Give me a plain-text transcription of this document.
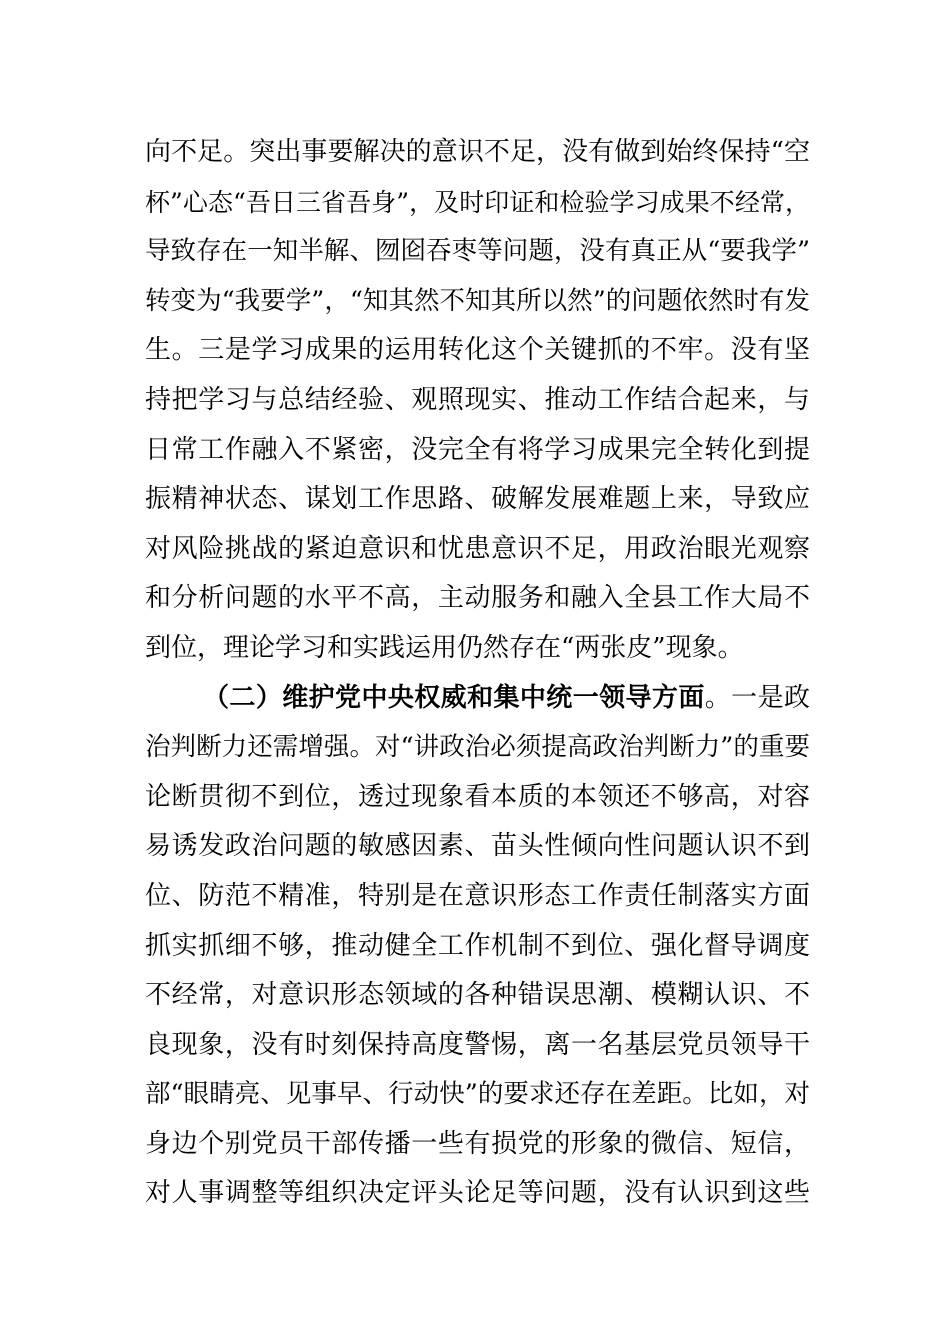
向不足。突出事要解决的意识不足，没有做到始终保持“空
杯”心态“吾日三省吾身”，及时印证和检验学习成果不经常，
导致存在一知半解、囫囵吞枣等问题，没有真正从“要我学”
转变为“我要学”，“知其然不知其所以然”的问题依然时有发
生。三是学习成果的运用转化这个关键抓的不牢。没有坚
持把学习与总结经验、观照现实、推动工作结合起来，与
日常工作融入不紧密，没完全有将学习成果完全转化到提
振精神状态、谋划工作思路、破解发展难题上来，导致应
对风险挑战的紧迫意识和忧患意识不足，用政治眼光观察
和分析问题的水平不高，主动服务和融入全县工作大局不
到位，理论学习和实践运用仍然存在“两张皮”现象。
（二）维护党中央权威和集中统一领导方面。一是政
治判断力还需增强。对“讲政治必须提高政治判断力”的重要
论断贯彻不到位，透过现象看本质的本领还不够高，对容
易诱发政治问题的敏感因素、苗头性倾向性问题认识不到
位、防范不精准，特别是在意识形态工作责任制落实方面
抓实抓细不够，推动健全工作机制不到位、强化督导调度
不经常，对意识形态领域的各种错误思潮、模糊认识、不
良现象，没有时刻保持高度警惕，离一名基层党员领导干
部“眼睛亮、见事早、行动快”的要求还存在差距。比如，对
身边个别党员干部传播一些有损党的形象的微信、短信，
对人事调整等组织决定评头论足等问题，没有认识到这些
